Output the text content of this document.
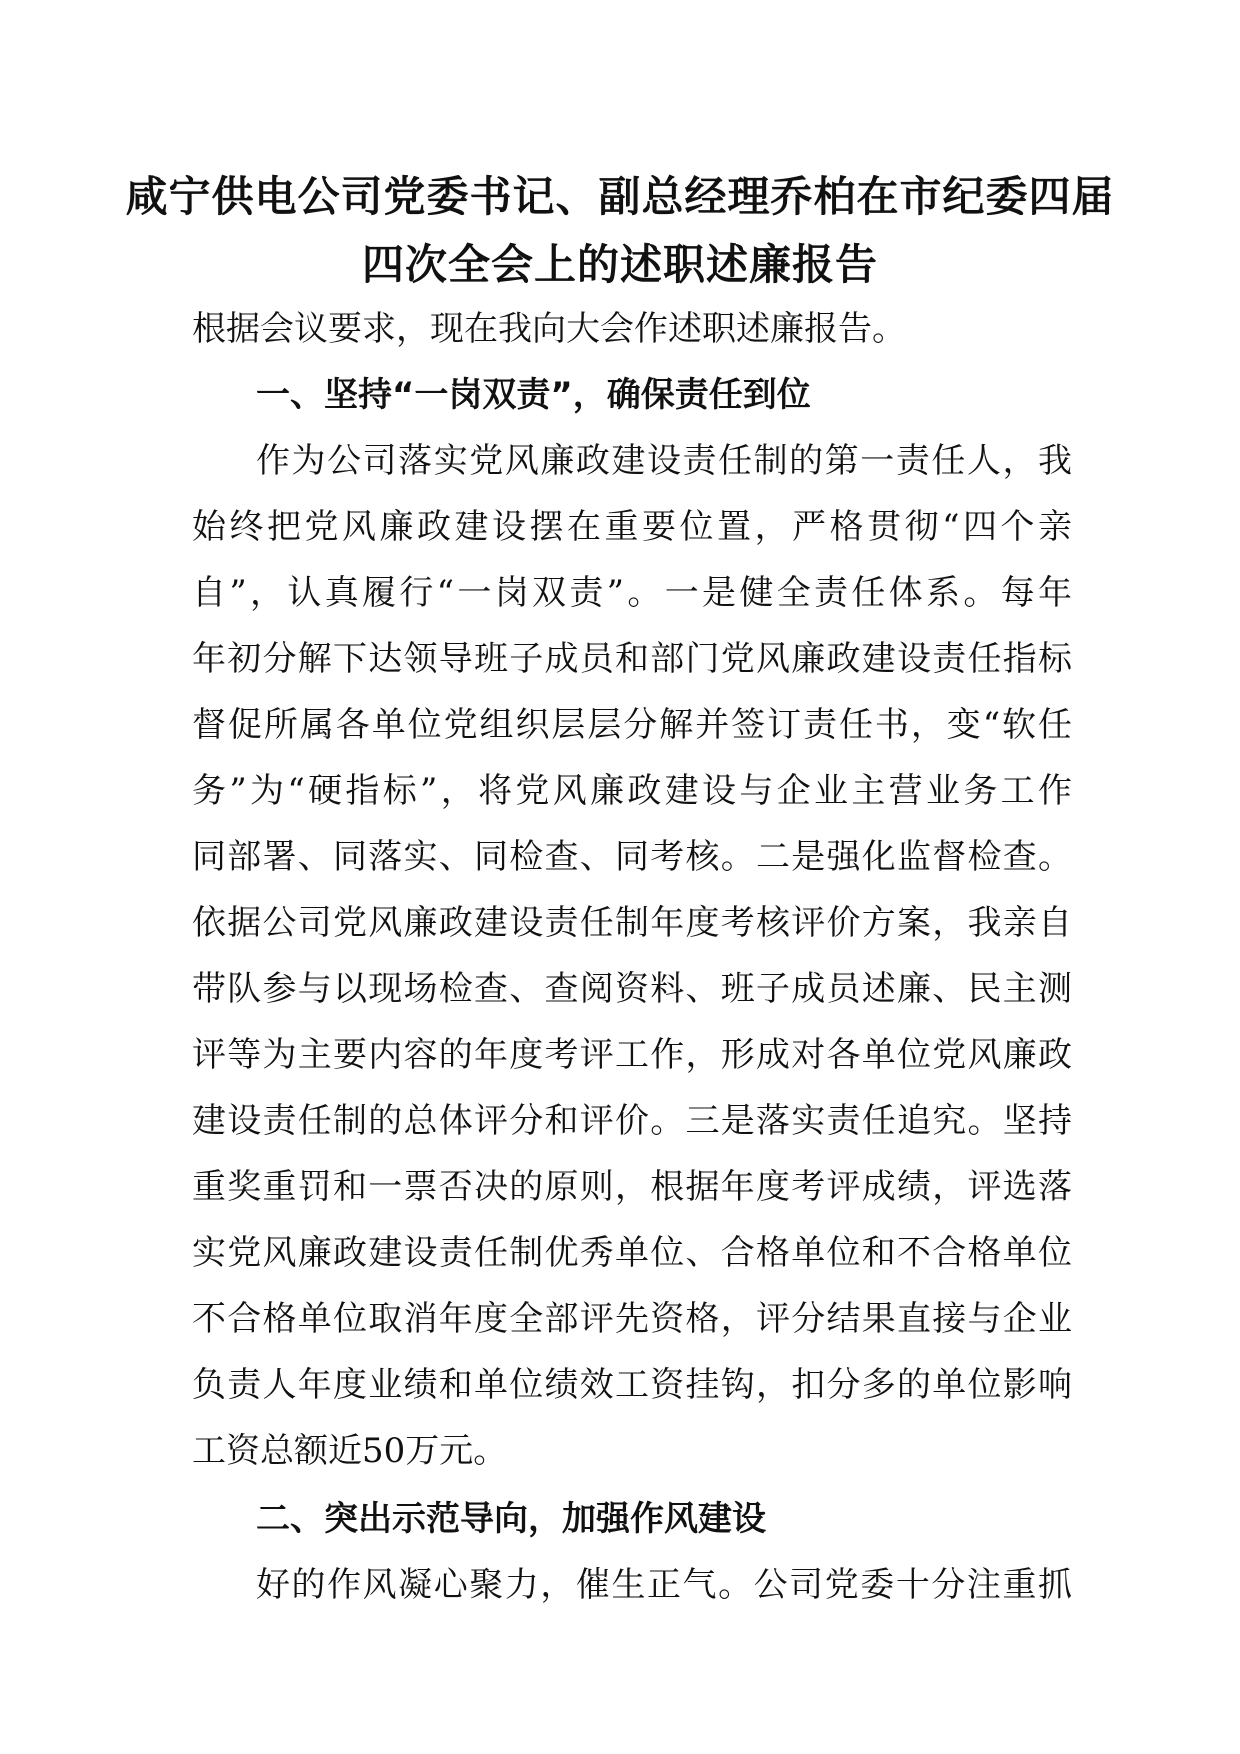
咸宁供电公司党委书记、副总经理乔柏在市纪委四届
四次全会上的述职述廉报告
根据会议要求，现在我向大会作述职述廉报告。
一、坚持“一岗双责”，确保责任到位
作为公司落实党风廉政建设责任制的第一责任人，我
始终把党风廉政建设摆在重要位置，严格贯彻“四个亲
自”，认真履行“一岗双责”。一是健全责任体系。每年
年初分解下达领导班子成员和部门党风廉政建设责任指标
督促所属各单位党组织层层分解并签订责任书，变“软任
务”为“硬指标”，将党风廉政建设与企业主营业务工作
同部署、同落实、同检查、同考核。二是强化监督检查。
依据公司党风廉政建设责任制年度考核评价方案，我亲自
带队参与以现场检查、查阅资料、班子成员述廉、民主测
评等为主要内容的年度考评工作，形成对各单位党风廉政
建设责任制的总体评分和评价。三是落实责任追究。坚持
重奖重罚和一票否决的原则，根据年度考评成绩，评选落
实党风廉政建设责任制优秀单位、合格单位和不合格单位
不合格单位取消年度全部评先资格，评分结果直接与企业
负责人年度业绩和单位绩效工资挂钩，扣分多的单位影响
工资总额近50万元。
二、突出示范导向，加强作风建设
好的作风凝心聚力，催生正气。公司党委十分注重抓
